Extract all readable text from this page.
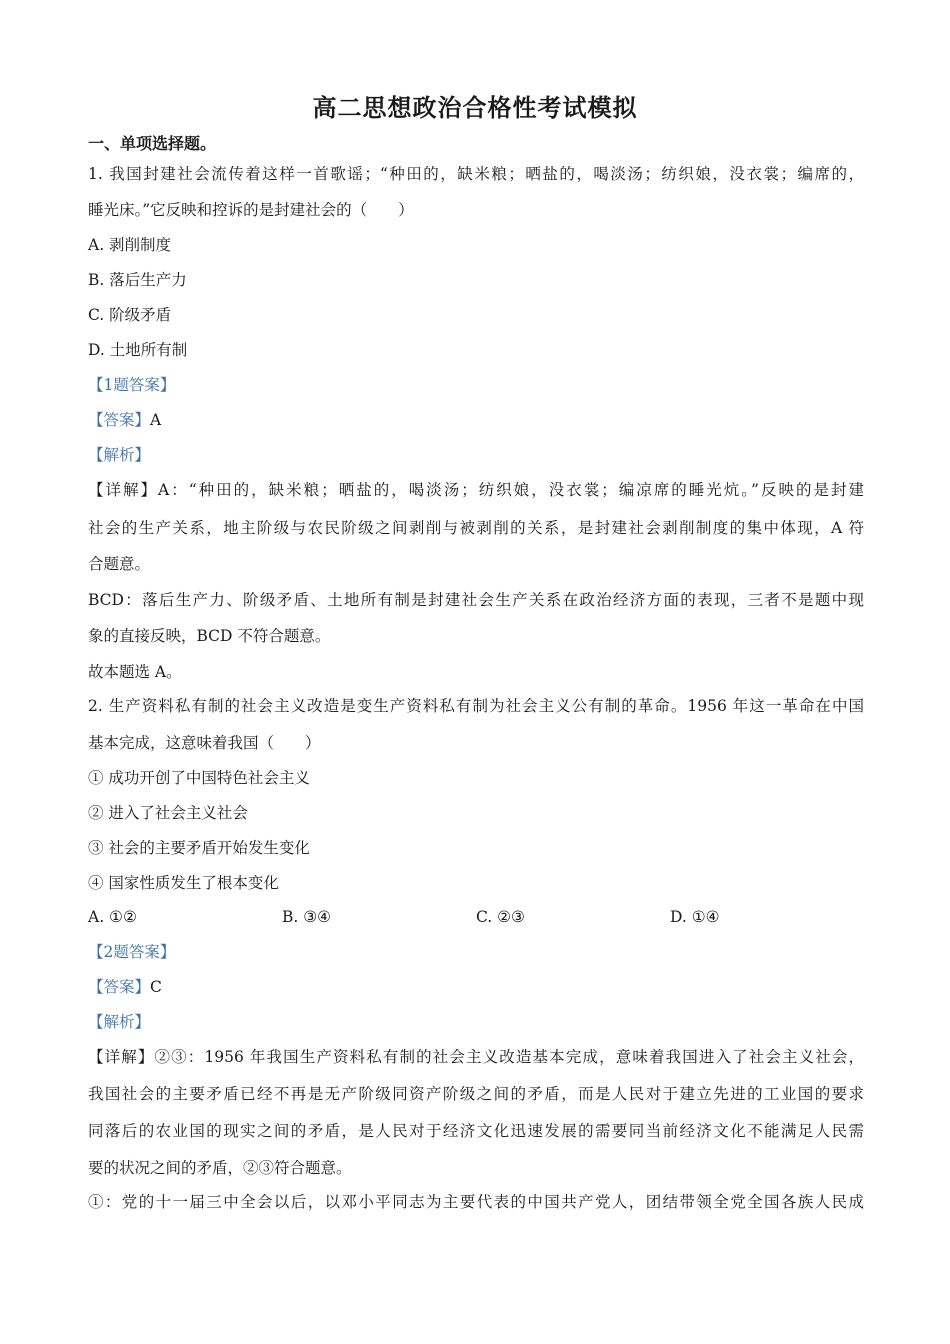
高二思想政治合格性考试模拟
一、单项选择题。
1. 我国封建社会流传着这样一首歌谣；“种田的，缺米粮；晒盐的，喝淡汤；纺织娘，没衣裳；编席的，
睡光床。”它反映和控诉的是封建社会的（　　）
A. 剥削制度
B. 落后生产力
C. 阶级矛盾
D. 土地所有制
【1题答案】
【答案】A
【解析】
【详解】A：“种田的，缺米粮；晒盐的，喝淡汤；纺织娘，没衣裳；编凉席的睡光炕。”反映的是封建
社会的生产关系，地主阶级与农民阶级之间剥削与被剥削的关系，是封建社会剥削制度的集中体现，A 符
合题意。
BCD：落后生产力、阶级矛盾、土地所有制是封建社会生产关系在政治经济方面的表现，三者不是题中现
象的直接反映，BCD 不符合题意。
故本题选 A。
2. 生产资料私有制的社会主义改造是变生产资料私有制为社会主义公有制的革命。1956 年这一革命在中国
基本完成，这意味着我国（　　）
① 成功开创了中国特色社会主义
② 进入了社会主义社会
③ 社会的主要矛盾开始发生变化
④ 国家性质发生了根本变化
A. ①②	B. ③④	C. ②③	D. ①④
【2题答案】
【答案】C
【解析】
【详解】②③：1956 年我国生产资料私有制的社会主义改造基本完成，意味着我国进入了社会主义社会，
我国社会的主要矛盾已经不再是无产阶级同资产阶级之间的矛盾，而是人民对于建立先进的工业国的要求
同落后的农业国的现实之间的矛盾，是人民对于经济文化迅速发展的需要同当前经济文化不能满足人民需
要的状况之间的矛盾，②③符合题意。
①：党的十一届三中全会以后，以邓小平同志为主要代表的中国共产党人，团结带领全党全国各族人民成
